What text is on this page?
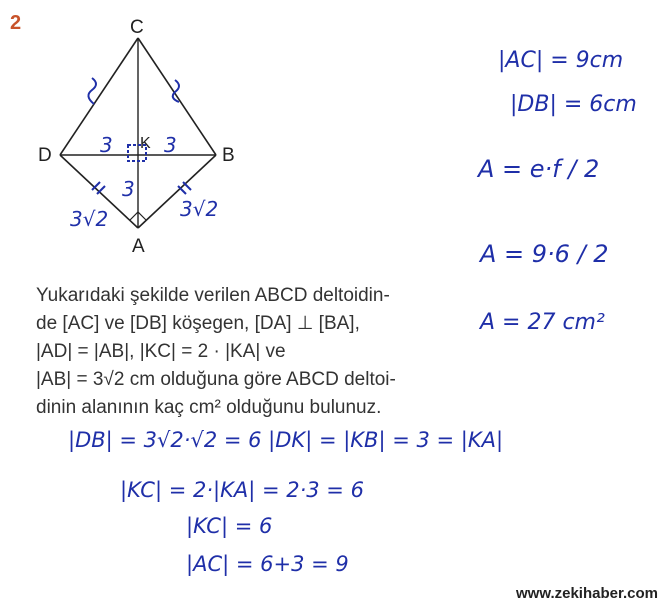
2	C
D	B
A
K
3	3
3
3√2	3√2

Yukarıdaki şekilde verilen ABCD deltoidin-

de [AC] ve [DB] köşegen, [DA] ⊥ [BA],

|AD| = |AB|, |KC| = 2 · |KA| ve

|AB| = 3√2 cm olduğuna göre ABCD deltoi-

dinin alanının kaç cm² olduğunu bulunuz.

|AC| = 9cm
|DB| = 6cm
A = e·f / 2
A = 9·6 / 2
A = 27 cm²
|DB| = 3√2·√2 = 6 |DK| = |KB| = 3 = |KA|
|KC| = 2·|KA| = 2·3 = 6
|KC| = 6
|AC| = 6+3 = 9
www.zekihaber.com
